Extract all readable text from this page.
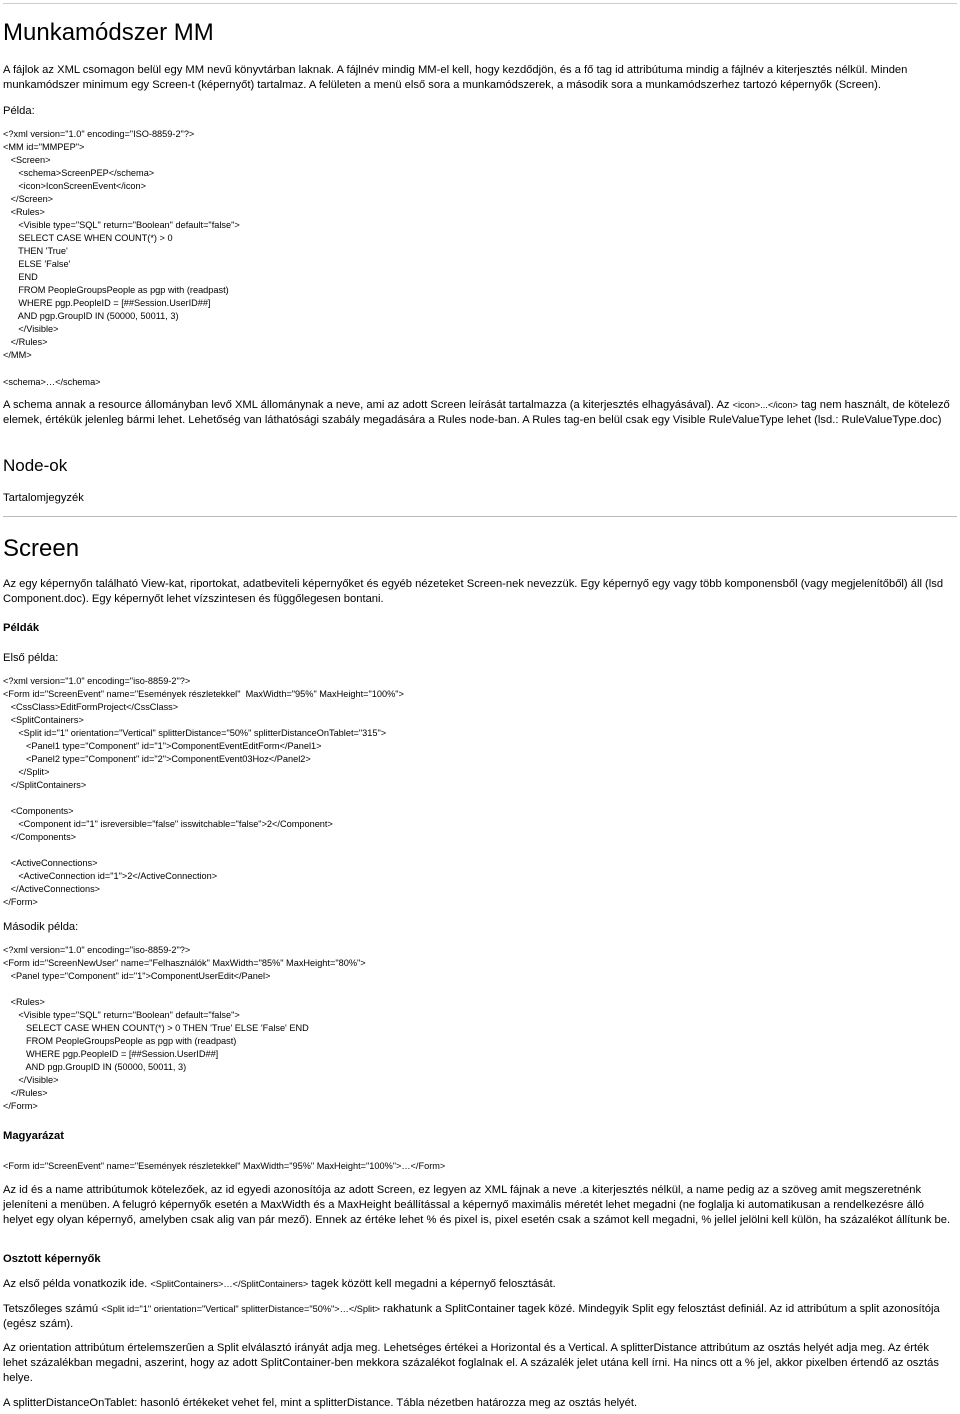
Munkamódszer MM

A fájlok az XML csomagon belül egy MM nevű könyvtárban laknak. A fájlnév mindig MM-el kell, hogy kezdődjön, és a fő tag id attribútuma mindig a fájlnév a kiterjesztés nélkül. Minden munkamódszer minimum egy Screen-t (képernyőt) tartalmaz. A felületen a menü első sora a munkamódszerek, a második sora a munkamódszerhez tartozó képernyők (Screen).

Példa:

<?xml version="1.0" encoding="ISO-8859-2"?>
<MM id="MMPEP">
<Screen>
<schema>ScreenPEP</schema>
<icon>IconScreenEvent</icon>
</Screen>
<Rules>
<Visible type="SQL" return="Boolean" default="false">
SELECT CASE WHEN COUNT(*) > 0
THEN 'True'
ELSE 'False'
END
FROM PeopleGroupsPeople as pgp with (readpast)
WHERE pgp.PeopleID = [##Session.UserID##]
AND pgp.GroupID IN (50000, 50011, 3)
</Visible>
</Rules>
</MM>

<schema>…</schema>

A schema annak a resource állományban levő XML állománynak a neve, ami az adott Screen leírását tartalmazza (a kiterjesztés elhagyásával). Az <icon>...</icon> tag nem használt, de kötelező elemek, értékük jelenleg bármi lehet. Lehetőség van láthatósági szabály megadására a Rules node-ban. A Rules tag-en belül csak egy Visible RuleValueType lehet (lsd.: RuleValueType.doc)

Node-ok

Tartalomjegyzék

Screen

Az egy képernyőn található View-kat, riportokat, adatbeviteli képernyőket és egyéb nézeteket Screen-nek nevezzük. Egy képernyő egy vagy több komponensből (vagy megjelenítőből) áll (lsd Component.doc). Egy képernyőt lehet vízszintesen és függőlegesen bontani.

Példák

Első példa:

<?xml version="1.0" encoding="iso-8859-2"?>
<Form id="ScreenEvent" name="Események részletekkel"  MaxWidth="95%" MaxHeight="100%">
<CssClass>EditFormProject</CssClass>
<SplitContainers>
<Split id="1" orientation="Vertical" splitterDistance="50%" splitterDistanceOnTablet="315">
<Panel1 type="Component" id="1">ComponentEventEditForm</Panel1>
<Panel2 type="Component" id="2">ComponentEvent03Hoz</Panel2>
</Split>
</SplitContainers>

<Components>
<Component id="1" isreversible="false" isswitchable="false">2</Component>
</Components>

<ActiveConnections>
<ActiveConnection id="1">2</ActiveConnection>
</ActiveConnections>
</Form>

Második példa:

<?xml version="1.0" encoding="iso-8859-2"?>
<Form id="ScreenNewUser" name="Felhasználók" MaxWidth="85%" MaxHeight="80%">
<Panel type="Component" id="1">ComponentUserEdit</Panel>

<Rules>
<Visible type="SQL" return="Boolean" default="false">
SELECT CASE WHEN COUNT(*) > 0 THEN 'True' ELSE 'False' END
FROM PeopleGroupsPeople as pgp with (readpast)
WHERE pgp.PeopleID = [##Session.UserID##]
AND pgp.GroupID IN (50000, 50011, 3)
</Visible>
</Rules>
</Form>

Magyarázat

<Form id="ScreenEvent" name="Események részletekkel" MaxWidth="95%" MaxHeight="100%">…</Form>

Az id és a name attribútumok kötelezőek, az id egyedi azonosítója az adott Screen, ez legyen az XML fájnak a neve .a kiterjesztés nélkül, a name pedig az a szöveg amit megszeretnénk jeleníteni a menüben. A felugró képernyők esetén a MaxWidth és a MaxHeight beállítással a képernyő maximális méretét lehet megadni (ne foglalja ki automatikusan a rendelkezésre álló helyet egy olyan képernyő, amelyben csak alig van pár mező). Ennek az értéke lehet % és pixel is, pixel esetén csak a számot kell megadni, % jellel jelölni kell külön, ha százalékot állítunk be.

Osztott képernyők

Az első példa vonatkozik ide. <SplitContainers>…</SplitContainers> tagek között kell megadni a képernyő felosztását.

Tetszőleges számú <Split id="1" orientation="Vertical" splitterDistance="50%">…</Split> rakhatunk a SplitContainer tagek közé. Mindegyik Split egy felosztást definiál. Az id attribútum a split azonosítója (egész szám).

Az orientation attribútum értelemszerűen a Split elválasztó irányát adja meg. Lehetséges értékei a Horizontal és a Vertical. A splitterDistance attribútum az osztás helyét adja meg. Az érték lehet százalékban megadni, aszerint, hogy az adott SplitContainer-ben mekkora százalékot foglalnak el. A százalék jelet utána kell írni. Ha nincs ott a % jel, akkor pixelben értendő az osztás helye.

A splitterDistanceOnTablet: hasonló értékeket vehet fel, mint a splitterDistance. Tábla nézetben határozza meg az osztás helyét.
